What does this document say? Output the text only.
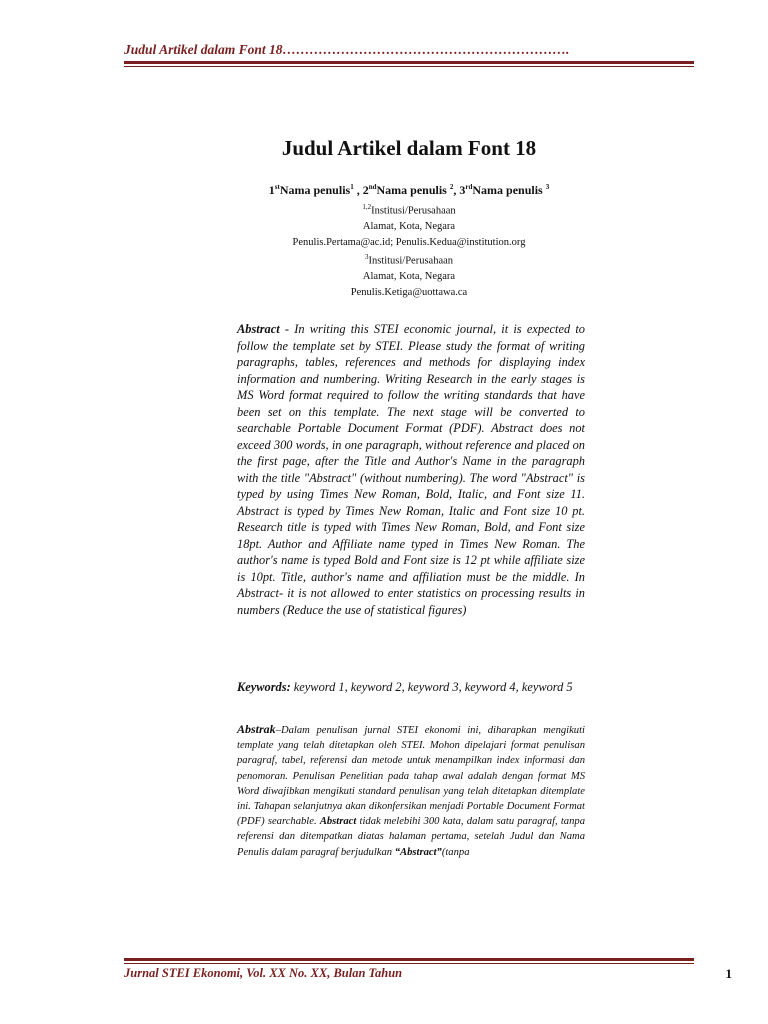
Judul Artikel dalam Font 18……………………………………………………….
Judul Artikel dalam Font 18
1stNama penulis$^1$ , 2ndNama penulis $^2$, 3rdNama penulis $^3$
$^{1,2}$Institusi/Perusahaan
Alamat, Kota, Negara
Penulis.Pertama@ac.id; Penulis.Kedua@institution.org
$^3$Institusi/Perusahaan
Alamat, Kota, Negara
Penulis.Ketiga@uottawa.ca

Abstract - In writing this STEI economic journal, it is expected to follow the template set by STEI. Please study the format of writing paragraphs, tables, references and methods for displaying index information and numbering. Writing Research in the early stages is MS Word format required to follow the writing standards that have been set on this template. The next stage will be converted to searchable Portable Document Format (PDF). Abstract does not exceed 300 words, in one paragraph, without reference and placed on the first page, after the Title and Author's Name in the paragraph with the title "Abstract" (without numbering). The word "Abstract" is typed by using Times New Roman, Bold, Italic, and Font size 11. Abstract is typed by Times New Roman, Italic and Font size 10 pt. Research title is typed with Times New Roman, Bold, and Font size 18pt. Author and Affiliate name typed in Times New Roman. The author's name is typed Bold and Font size is 12 pt while affiliate size is 10pt. Title, author's name and affiliation must be the middle. In Abstract- it is not allowed to enter statistics on processing results in numbers (Reduce the use of statistical figures)

Keywords: keyword 1, keyword 2, keyword 3, keyword 4, keyword 5

Abstrak–Dalam penulisan jurnal STEI ekonomi ini, diharapkan mengikuti template yang telah ditetapkan oleh STEI. Mohon dipelajari format penulisan paragraf, tabel, referensi dan metode untuk menampilkan index informasi dan penomoran. Penulisan Penelitian pada tahap awal adalah dengan format MS Word diwajibkan mengikuti standard penulisan yang telah ditetapkan ditemplate ini. Tahapan selanjutnya akan dikonfersikan menjadi Portable Document Format (PDF) searchable. Abstract tidak melebihi 300 kata, dalam satu paragraf, tanpa referensi dan ditempatkan diatas halaman pertama, setelah Judul dan Nama Penulis dalam paragraf berjudulkan “Abstract”(tanpa

Jurnal STEI Ekonomi, Vol. XX No. XX, Bulan Tahun	1
